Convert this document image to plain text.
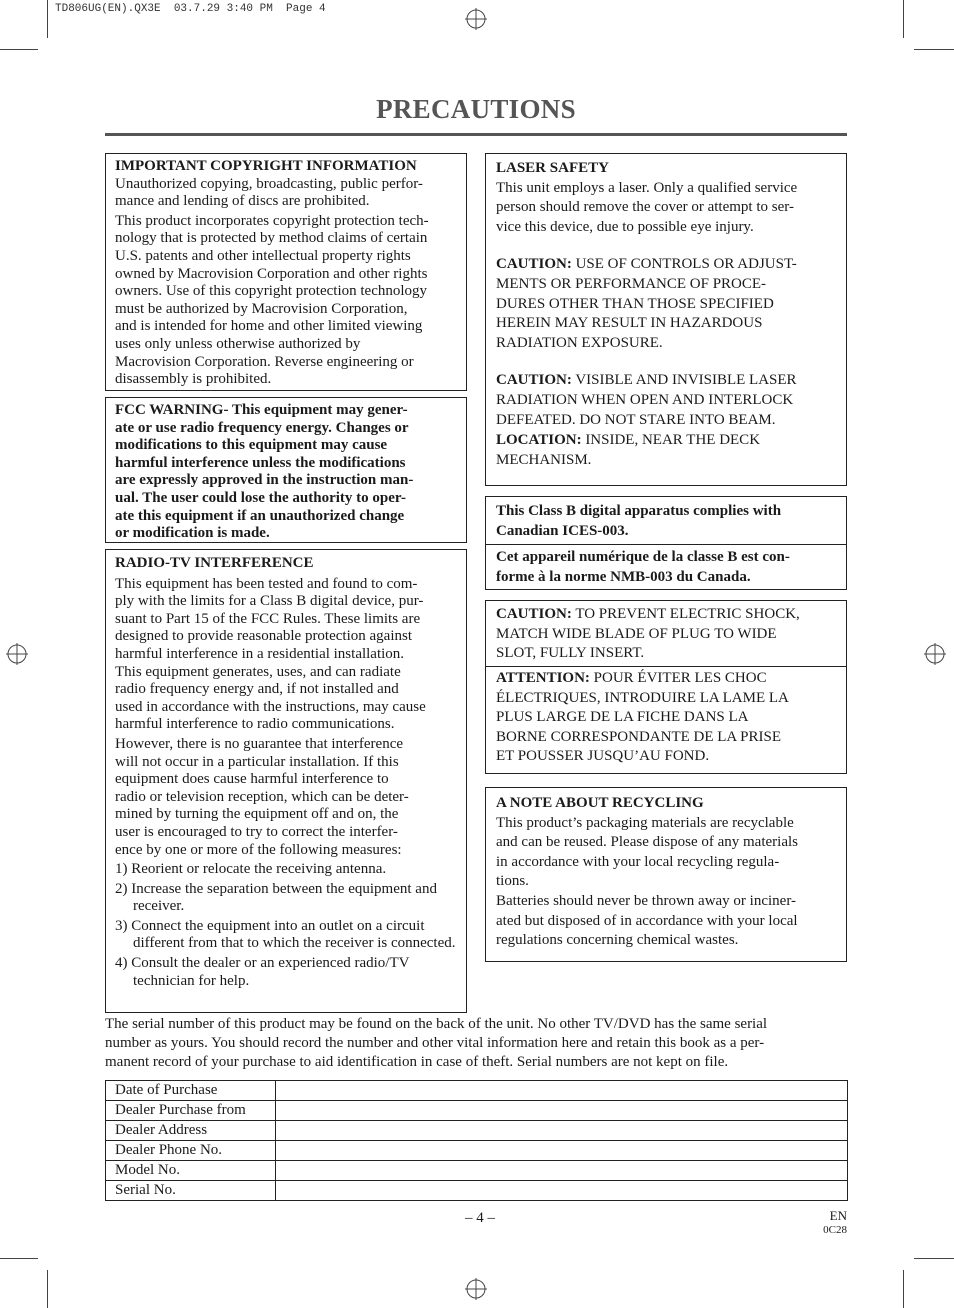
TD806UG(EN).QX3E  03.7.29 3:40 PM  Page 4
PRECAUTIONS

IMPORTANT COPYRIGHT INFORMATION

Unauthorized copying, broadcasting, public perfor-

mance and lending of discs are prohibited.

This product incorporates copyright protection tech-

nology that is protected by method claims of certain

U.S. patents and other intellectual property rights

owned by Macrovision Corporation and other rights

owners. Use of this copyright protection technology

must be authorized by Macrovision Corporation,

and is intended for home and other limited viewing

uses only unless otherwise authorized by

Macrovision Corporation. Reverse engineering or

disassembly is prohibited.

FCC WARNING- This equipment may gener-

ate or use radio frequency energy. Changes or

modifications to this equipment may cause

harmful interference unless the modifications

are expressly approved in the instruction man-

ual. The user could lose the authority to oper-

ate this equipment if an unauthorized change

or modification is made.

RADIO-TV INTERFERENCE

This equipment has been tested and found to com-

ply with the limits for a Class B digital device, pur-

suant to Part 15 of the FCC Rules. These limits are

designed to provide reasonable protection against

harmful interference in a residential installation.

This equipment generates, uses, and can radiate

radio frequency energy and, if not installed and

used in accordance with the instructions, may cause

harmful interference to radio communications.

However, there is no guarantee that interference

will not occur in a particular installation. If this

equipment does cause harmful interference to

radio or television reception, which can be deter-

mined by turning the equipment off and on, the

user is encouraged to try to correct the interfer-

ence by one or more of the following measures:

1) Reorient or relocate the receiving antenna.

2) Increase the separation between the equipment and receiver.

3) Connect the equipment into an outlet on a circuit different from that to which the receiver is connected.

4) Consult the dealer or an experienced radio/TV technician for help.

LASER SAFETY

This unit employs a laser. Only a qualified service

person should remove the cover or attempt to ser-

vice this device, due to possible eye injury.

CAUTION: USE OF CONTROLS OR ADJUST-

MENTS OR PERFORMANCE OF PROCE-

DURES OTHER THAN THOSE SPECIFIED

HEREIN MAY RESULT IN HAZARDOUS

RADIATION EXPOSURE.

CAUTION: VISIBLE AND INVISIBLE LASER

RADIATION WHEN OPEN AND INTERLOCK

DEFEATED. DO NOT STARE INTO BEAM.

LOCATION: INSIDE, NEAR THE DECK

MECHANISM.

This Class B digital apparatus complies with

Canadian ICES-003.

Cet appareil numérique de la classe B est con-

forme à la norme NMB-003 du Canada.

CAUTION: TO PREVENT ELECTRIC SHOCK,

MATCH WIDE BLADE OF PLUG TO WIDE

SLOT, FULLY INSERT.

ATTENTION: POUR ÉVITER LES CHOC

ÉLECTRIQUES, INTRODUIRE LA LAME LA

PLUS LARGE DE LA FICHE DANS LA

BORNE CORRESPONDANTE DE LA PRISE

ET POUSSER JUSQU’AU FOND.

A NOTE ABOUT RECYCLING

This product’s packaging materials are recyclable

and can be reused. Please dispose of any materials

in accordance with your local recycling regula-

tions.

Batteries should never be thrown away or inciner-

ated but disposed of in accordance with your local

regulations concerning chemical wastes.

The serial number of this product may be found on the back of the unit. No other TV/DVD has the same serial
number as yours. You should record the number and other vital information here and retain this book as a per-
manent record of your purchase to aid identification in case of theft. Serial numbers are not kept on file.
Date of Purchase	
Dealer Purchase from	
Dealer Address	
Dealer Phone No.	
Model No.	
Serial No.	
– 4 –	EN
0C28
